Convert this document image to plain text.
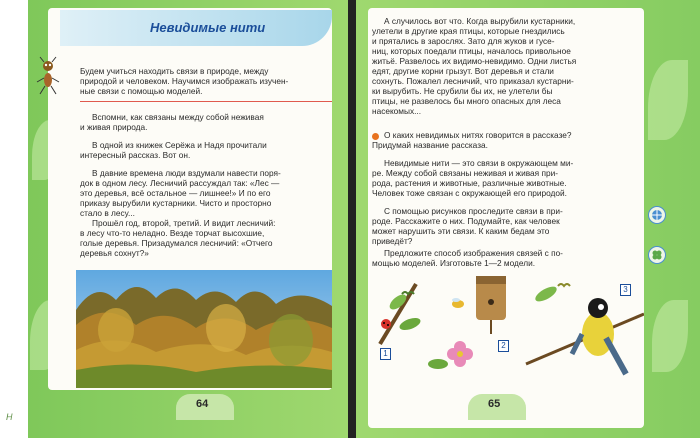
Невидимые нити
Будем учиться находить связи в природе, между
природой и человеком. Научимся изображать изучен-
ные связи с помощью моделей.
Вспомни, как связаны между собой неживая
и живая природа.
В одной из книжек Серёжа и Надя прочитали
интересный рассказ. Вот он.
В давние времена люди вздумали навести поря-
док в одном лесу. Лесничий рассуждал так: «Лес —
это деревья, всё остальное — лишнее!» И по его
приказу вырубили кустарники. Чисто и просторно
стало в лесу...
Прошёл год, второй, третий. И видит лесничий:
в лесу что-то неладно. Везде торчат высохшие,
голые деревья. Призадумался лесничий: «Отчего
деревья сохнут?»
64
Н
А случилось вот что. Когда вырубили кустарники,
улетели в другие края птицы, которые гнездились
и прятались в зарослях. Зато для жуков и гусе-
ниц, которых поедали птицы, началось привольное
житьё. Развелось их видимо-невидимо. Одни листья
едят, другие корни грызут. Вот деревья и стали
сохнуть. Пожалел лесничий, что приказал кустарни-
ки вырубить. Не срубили бы их, не улетели бы
птицы, не развелось бы много опасных для леса
насекомых...
О каких невидимых нитях говорится в рассказе?
Придумай название рассказа.
Невидимые нити — это связи в окружающем ми-
ре. Между собой связаны неживая и живая при-
рода, растения и животные, различные животные.
Человек тоже связан с окружающей его природой.
С помощью рисунков проследите связи в при-
роде. Расскажите о них. Подумайте, как человек
может нарушить эти связи. К каким бедам это
приведёт?
Предложите способ изображения связей с по-
мощью моделей. Изготовьте 1—2 модели.
1
2
3
65
